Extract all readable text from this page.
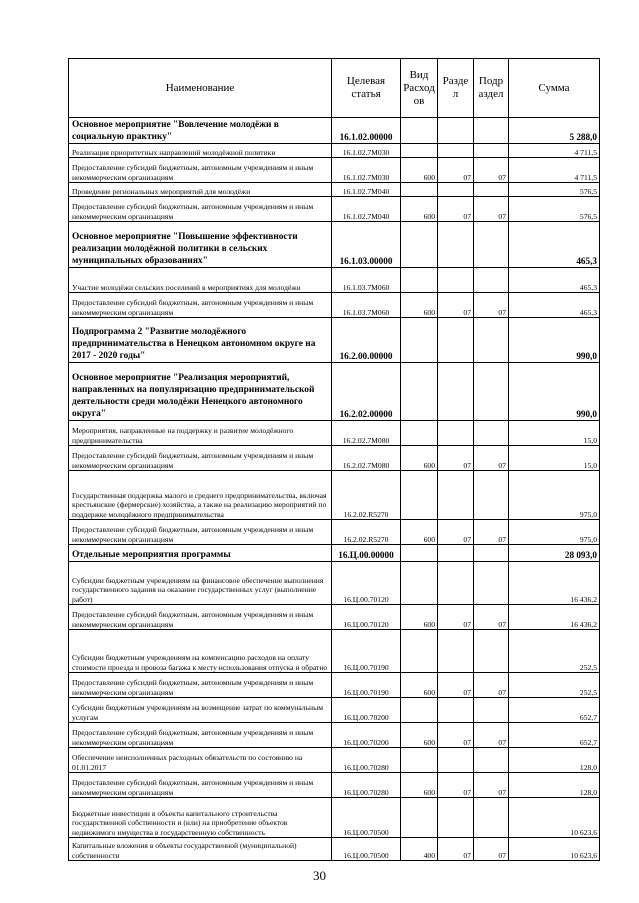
Наименование	Целевая статья	Вид Расход ов	Разде л	Подр аздел	Сумма
Основное мероприятие "Вовлечение молодёжи в социальную практику"	16.1.02.00000				5 288,0
Реализация приоритетных направлений молодёжной политики	16.1.02.7М030				4 711,5
Предоставление субсидий бюджетным, автономным учреждениям и иным некоммерческим организациям	16.1.02.7М030	600	07	07	4 711,5
Проведение региональных мероприятий для молодёжи	16.1.02.7М040				576,5
Предоставление субсидий бюджетным, автономным учреждениям и иным некоммерческим организациям	16.1.02.7М040	600	07	07	576,5
Основное мероприятие "Повышение эффективности реализации молодёжной политики в сельских муниципальных образованиях"	16.1.03.00000				465,3
Участие молодёжи сельских поселений в мероприятиях для молодёжи	16.1.03.7М060				465,3
Предоставление субсидий бюджетным, автономным учреждениям и иным некоммерческим организациям	16.1.03.7М060	600	07	07	465,3
Подпрограмма 2 "Развитие молодёжного предпринимательства в Ненецком автономном округе на 2017 - 2020 годы"	16.2.00.00000				990,0
Основное мероприятие "Реализация мероприятий, направленных на популяризацию предпринимательской деятельности среди молодёжи Ненецкого автономного округа"	16.2.02.00000				990,0
Мероприятия, направленные на поддержку и развитие молодёжного предпринимательства	16.2.02.7М080				15,0
Предоставление субсидий бюджетным, автономным учреждениям и иным некоммерческим организациям	16.2.02.7М080	600	07	07	15,0
Государственная поддержка малого и среднего предпринимательства, включая крестьянские (фермерские) хозяйства, а также на реализацию мероприятий по поддержке молодёжного предпринимательства	16.2.02.R5270				975,0
Предоставление субсидий бюджетным, автономным учреждениям и иным некоммерческим организациям	16.2.02.R5270	600	07	07	975,0
Отдельные мероприятия программы	16.Ц.00.00000				28 093,0
Субсидии бюджетным учреждениям на финансовое обеспечение выполнения государственного задания на оказание государственных услуг (выполнение работ)	16.Ц.00.70120				16 436,2
Предоставление субсидий бюджетным, автономным учреждениям и иным некоммерческим организациям	16.Ц.00.70120	600	07	07	16 436,2
Субсидии бюджетным учреждениям на компенсацию расходов на оплату стоимости проезда и провоза багажа к месту использования отпуска и обратно	16.Ц.00.70190				252,5
Предоставление субсидий бюджетным, автономным учреждениям и иным некоммерческим организациям	16.Ц.00.70190	600	07	07	252,5
Субсидии бюджетным учреждениям на возмещение затрат по коммунальным услугам	16.Ц.00.70200				652,7
Предоставление субсидий бюджетным, автономным учреждениям и иным некоммерческим организациям	16.Ц.00.70200	600	07	07	652,7
Обеспечение неисполненных расходных обязательств по состоянию на 01.01.2017	16.Ц.00.70280				128,0
Предоставление субсидий бюджетным, автономным учреждениям и иным некоммерческим организациям	16.Ц.00.70280	600	07	07	128,0
Бюджетные инвестиции в объекты капитального строительства государственной собственности и (или) на приобретение объектов недвижимого имущества в государственную собственность	16.Ц.00.70500				10 623,6
Капитальные вложения в объекты государственной (муниципальной) собственности	16.Ц.00.70500	400	07	07	10 623,6
30
